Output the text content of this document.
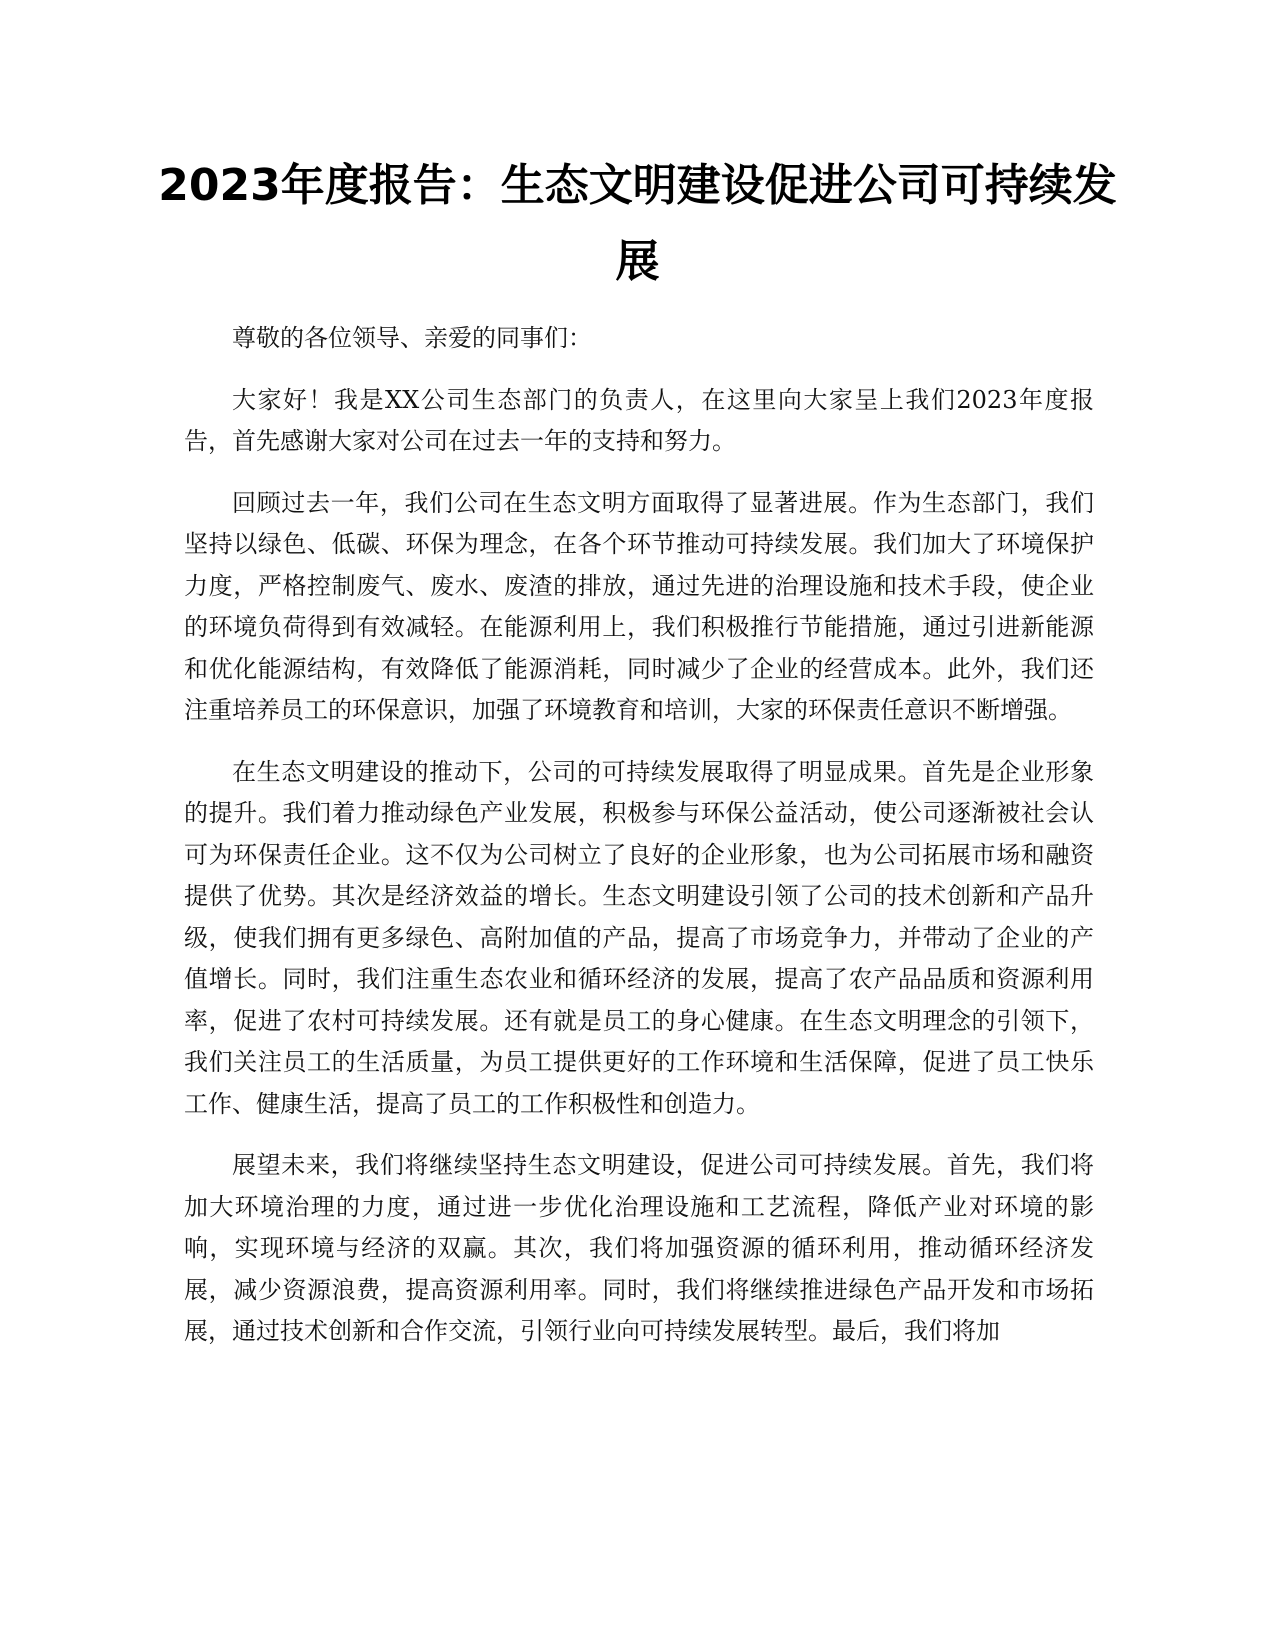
2023年度报告：生态文明建设促进公司可持续发展

尊敬的各位领导、亲爱的同事们：

大家好！我是XX公司生态部门的负责人，在这里向大家呈上我们2023年度报告，首先感谢大家对公司在过去一年的支持和努力。

回顾过去一年，我们公司在生态文明方面取得了显著进展。作为生态部门，我们坚持以绿色、低碳、环保为理念，在各个环节推动可持续发展。我们加大了环境保护力度，严格控制废气、废水、废渣的排放，通过先进的治理设施和技术手段，使企业的环境负荷得到有效减轻。在能源利用上，我们积极推行节能措施，通过引进新能源和优化能源结构，有效降低了能源消耗，同时减少了企业的经营成本。此外，我们还注重培养员工的环保意识，加强了环境教育和培训，大家的环保责任意识不断增强。

在生态文明建设的推动下，公司的可持续发展取得了明显成果。首先是企业形象的提升。我们着力推动绿色产业发展，积极参与环保公益活动，使公司逐渐被社会认可为环保责任企业。这不仅为公司树立了良好的企业形象，也为公司拓展市场和融资提供了优势。其次是经济效益的增长。生态文明建设引领了公司的技术创新和产品升级，使我们拥有更多绿色、高附加值的产品，提高了市场竞争力，并带动了企业的产值增长。同时，我们注重生态农业和循环经济的发展，提高了农产品品质和资源利用率，促进了农村可持续发展。还有就是员工的身心健康。在生态文明理念的引领下，我们关注员工的生活质量，为员工提供更好的工作环境和生活保障，促进了员工快乐工作、健康生活，提高了员工的工作积极性和创造力。

展望未来，我们将继续坚持生态文明建设，促进公司可持续发展。首先，我们将加大环境治理的力度，通过进一步优化治理设施和工艺流程，降低产业对环境的影响，实现环境与经济的双赢。其次，我们将加强资源的循环利用，推动循环经济发展，减少资源浪费，提高资源利用率。同时，我们将继续推进绿色产品开发和市场拓展，通过技术创新和合作交流，引领行业向可持续发展转型。最后，我们将加
